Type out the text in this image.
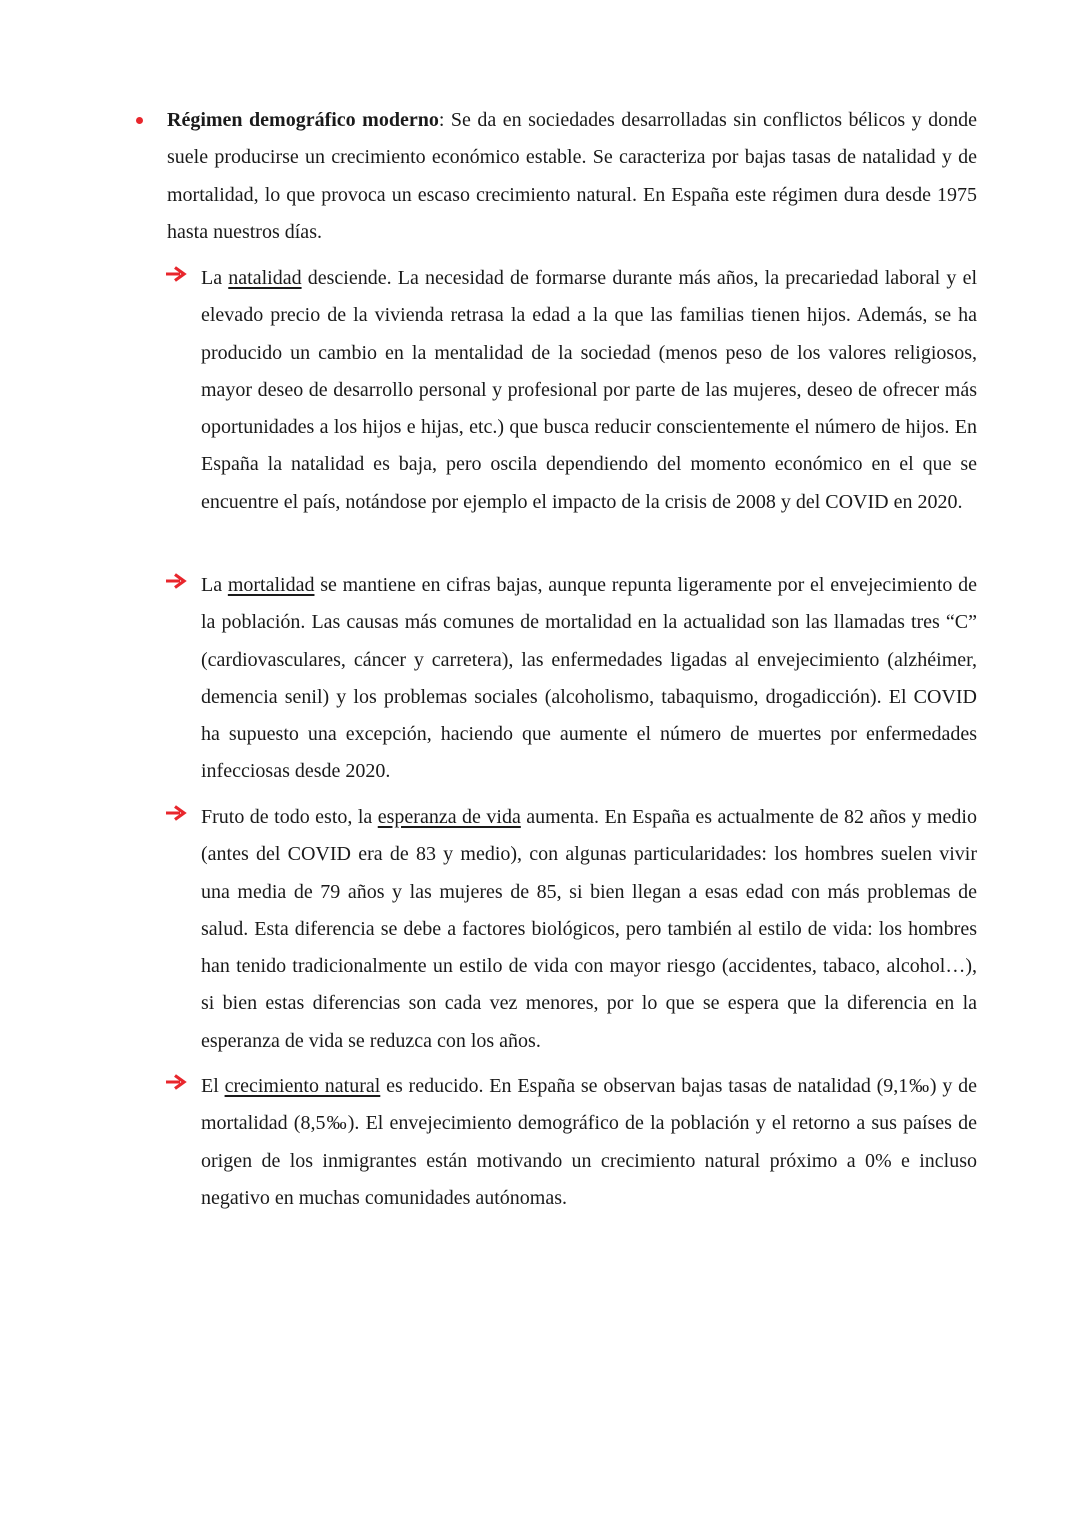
Régimen demográfico moderno: Se da en sociedades desarrolladas sin conflictos bélicos y donde suele producirse un crecimiento económico estable. Se caracteriza por bajas tasas de natalidad y de mortalidad, lo que provoca un escaso crecimiento natural. En España este régimen dura desde 1975 hasta nuestros días.

La natalidad desciende. La necesidad de formarse durante más años, la precariedad laboral y el elevado precio de la vivienda retrasa la edad a la que las familias tienen hijos. Además, se ha producido un cambio en la mentalidad de la sociedad (menos peso de los valores religiosos, mayor deseo de desarrollo personal y profesional por parte de las mujeres, deseo de ofrecer más oportunidades a los hijos e hijas, etc.) que busca reducir conscientemente el número de hijos. En España la natalidad es baja, pero oscila dependiendo del momento económico en el que se encuentre el país, notándose por ejemplo el impacto de la crisis de 2008 y del COVID en 2020.

La mortalidad se mantiene en cifras bajas, aunque repunta ligeramente por el envejecimiento de la población. Las causas más comunes de mortalidad en la actualidad son las llamadas tres “C” (cardiovasculares, cáncer y carretera), las enfermedades ligadas al envejecimiento (alzhéimer, demencia senil) y los problemas sociales (alcoholismo, tabaquismo, drogadicción). El COVID ha supuesto una excepción, haciendo que aumente el número de muertes por enfermedades infecciosas desde 2020.

Fruto de todo esto, la esperanza de vida aumenta. En España es actualmente de 82 años y medio (antes del COVID era de 83 y medio), con algunas particularidades: los hombres suelen vivir una media de 79 años y las mujeres de 85, si bien llegan a esas edad con más problemas de salud. Esta diferencia se debe a factores biológicos, pero también al estilo de vida: los hombres han tenido tradicionalmente un estilo de vida con mayor riesgo (accidentes, tabaco, alcohol…), si bien estas diferencias son cada vez menores, por lo que se espera que la diferencia en la esperanza de vida se reduzca con los años.

El crecimiento natural es reducido. En España se observan bajas tasas de natalidad (9,1‰) y de mortalidad (8,5‰). El envejecimiento demográfico de la población y el retorno a sus países de origen de los inmigrantes están motivando un crecimiento natural próximo a 0% e incluso negativo en muchas comunidades autónomas.
